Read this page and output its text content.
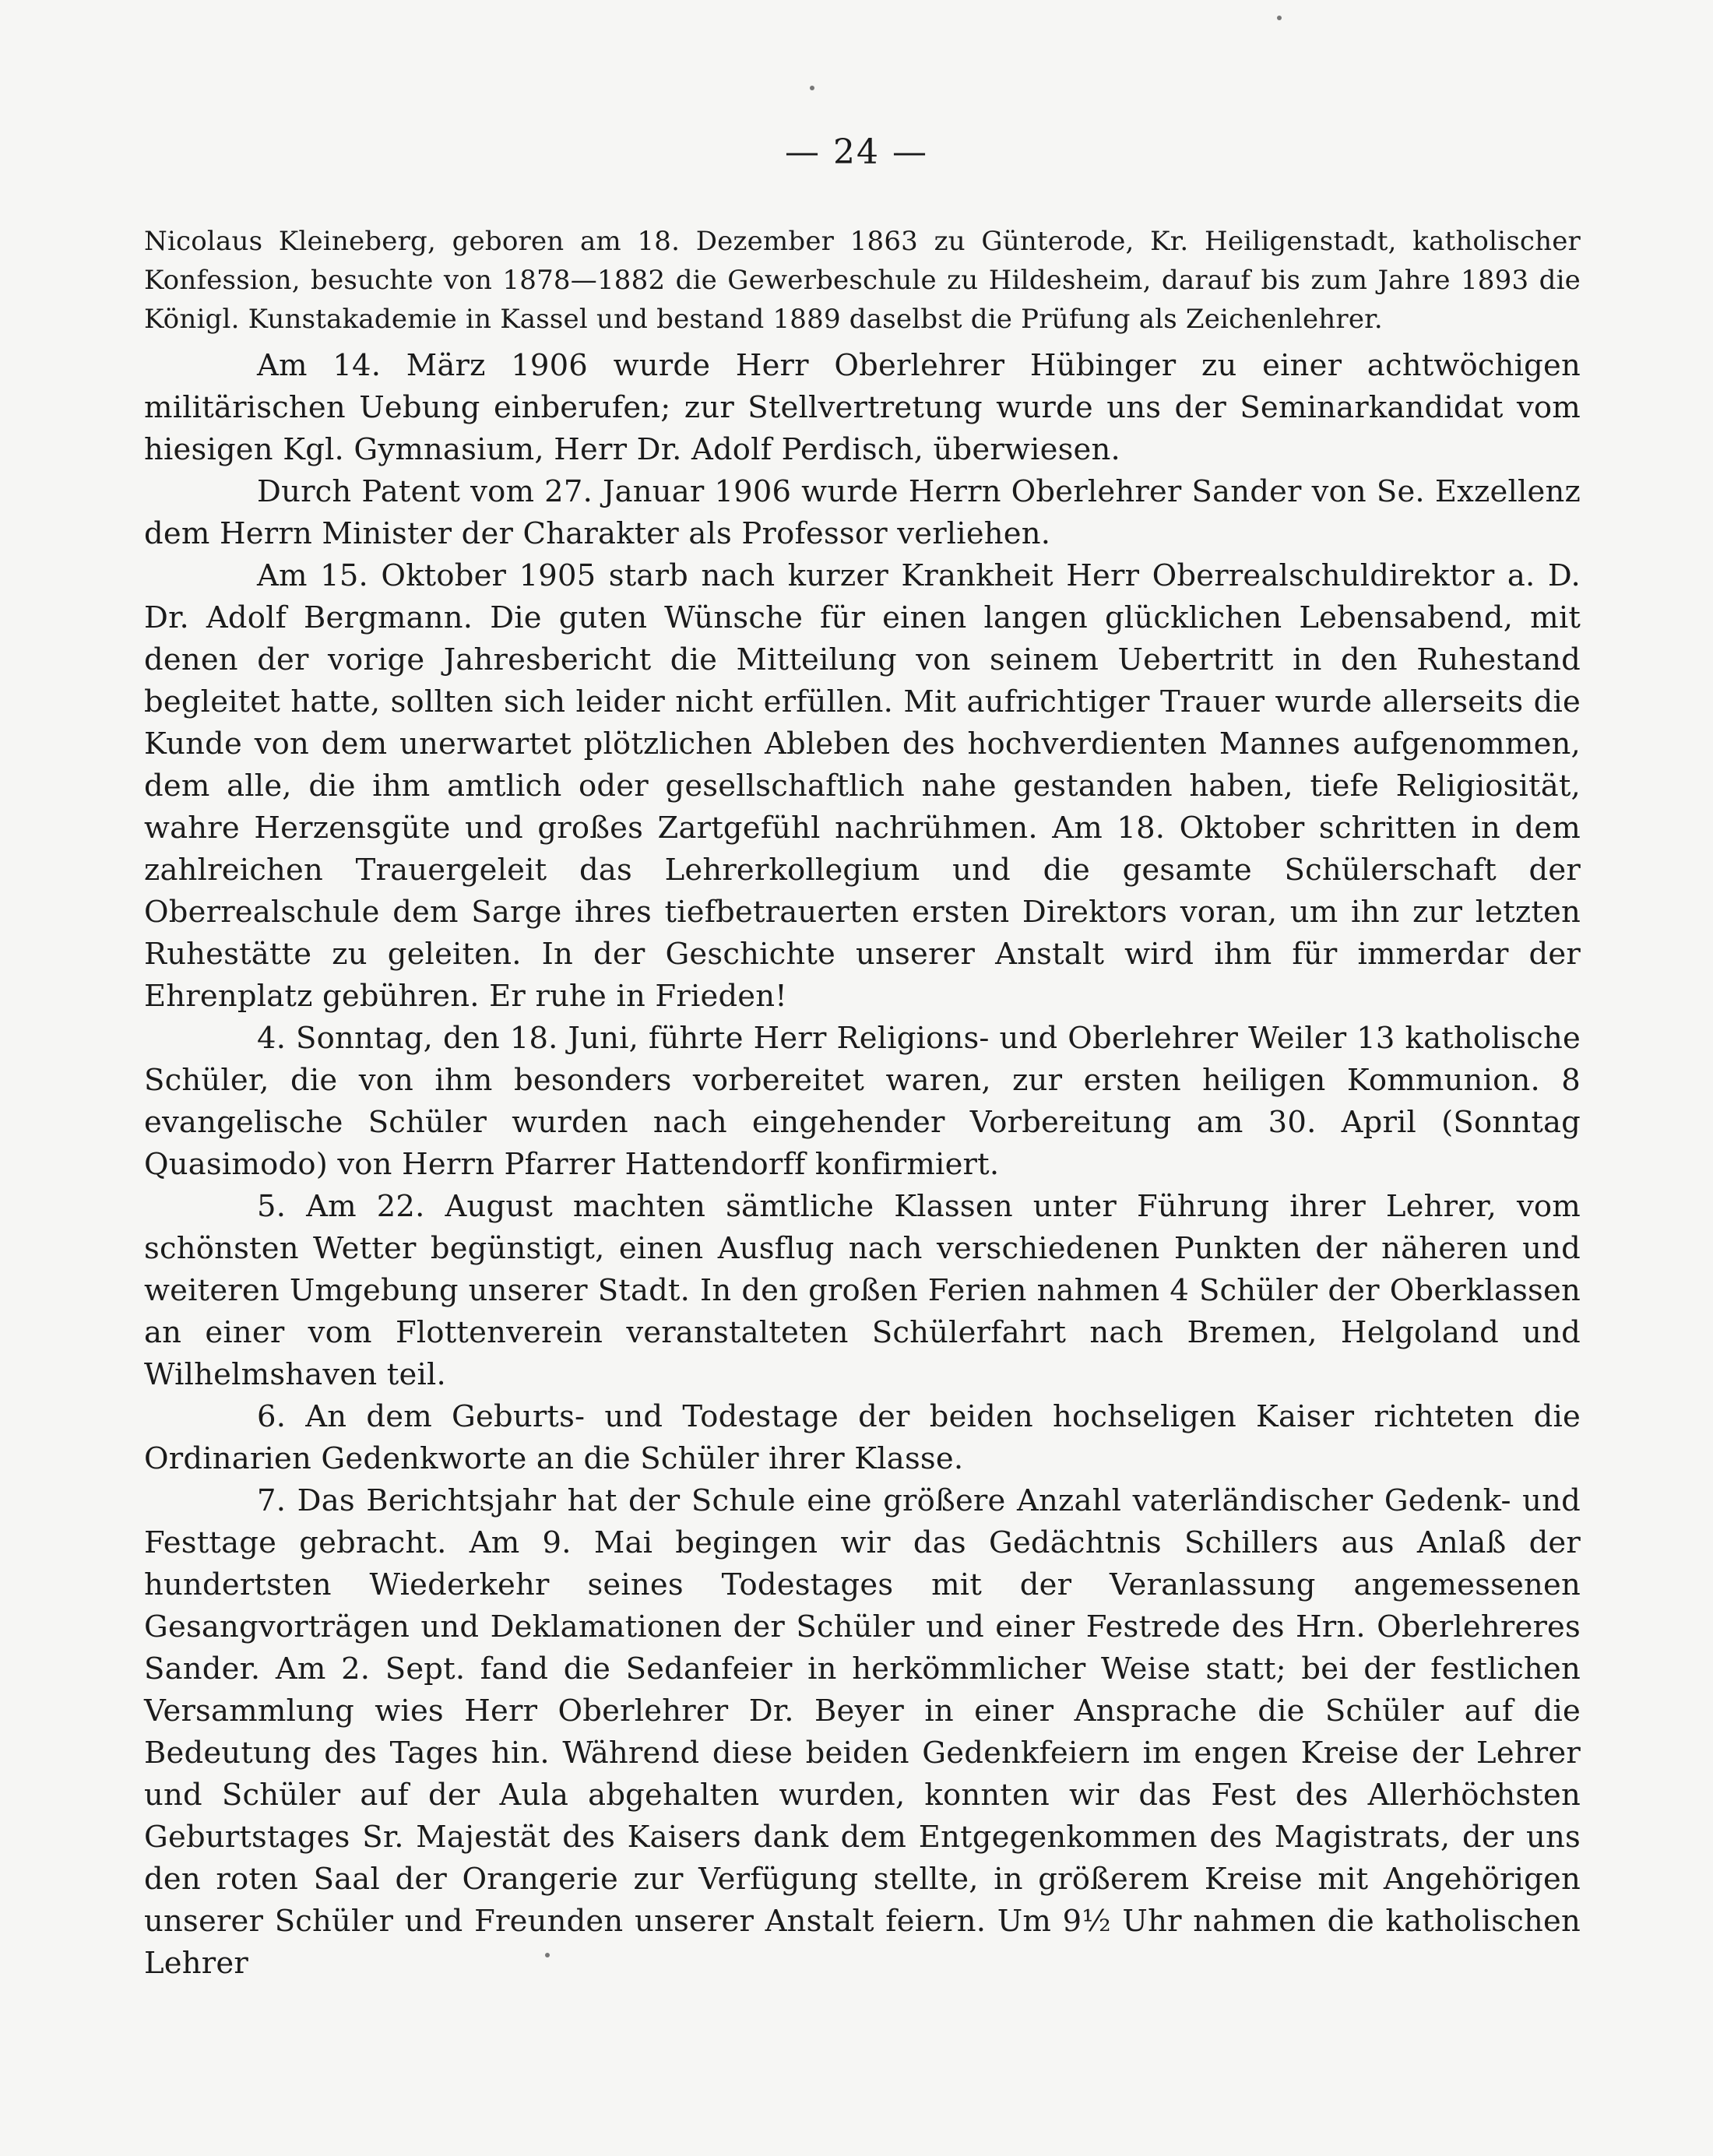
— 24 —

Nicolaus Kleineberg, geboren am 18. Dezember 1863 zu Günterode, Kr. Heiligenstadt, katholischer Konfession, besuchte von 1878—1882 die Gewerbeschule zu Hildesheim, darauf bis zum Jahre 1893 die Königl. Kunstakademie in Kassel und bestand 1889 daselbst die Prüfung als Zeichenlehrer.

Am 14. März 1906 wurde Herr Oberlehrer Hübinger zu einer achtwöchigen militärischen Uebung einberufen; zur Stellvertretung wurde uns der Seminarkandidat vom hiesigen Kgl. Gymnasium, Herr Dr. Adolf Perdisch, überwiesen.

Durch Patent vom 27. Januar 1906 wurde Herrn Oberlehrer Sander von Se. Exzellenz dem Herrn Minister der Charakter als Professor verliehen.

Am 15. Oktober 1905 starb nach kurzer Krankheit Herr Oberrealschuldirektor a. D. Dr. Adolf Bergmann. Die guten Wünsche für einen langen glücklichen Lebensabend, mit denen der vorige Jahresbericht die Mitteilung von seinem Uebertritt in den Ruhestand begleitet hatte, sollten sich leider nicht erfüllen. Mit aufrichtiger Trauer wurde allerseits die Kunde von dem unerwartet plötzlichen Ableben des hochverdienten Mannes aufgenommen, dem alle, die ihm amtlich oder gesellschaftlich nahe gestanden haben, tiefe Religiosität, wahre Herzensgüte und großes Zartgefühl nachrühmen. Am 18. Oktober schritten in dem zahlreichen Trauergeleit das Lehrerkollegium und die gesamte Schülerschaft der Oberrealschule dem Sarge ihres tiefbetrauerten ersten Direktors voran, um ihn zur letzten Ruhestätte zu geleiten. In der Geschichte unserer Anstalt wird ihm für immerdar der Ehrenplatz gebühren. Er ruhe in Frieden!

4. Sonntag, den 18. Juni, führte Herr Religions- und Oberlehrer Weiler 13 katholische Schüler, die von ihm besonders vorbereitet waren, zur ersten heiligen Kommunion. 8 evangelische Schüler wurden nach eingehender Vorbereitung am 30. April (Sonntag Quasimodo) von Herrn Pfarrer Hattendorff konfirmiert.

5. Am 22. August machten sämtliche Klassen unter Führung ihrer Lehrer, vom schönsten Wetter begünstigt, einen Ausflug nach verschiedenen Punkten der näheren und weiteren Umgebung unserer Stadt. In den großen Ferien nahmen 4 Schüler der Oberklassen an einer vom Flottenverein veranstalteten Schülerfahrt nach Bremen, Helgoland und Wilhelmshaven teil.

6. An dem Geburts- und Todestage der beiden hochseligen Kaiser richteten die Ordinarien Gedenkworte an die Schüler ihrer Klasse.

7. Das Berichtsjahr hat der Schule eine größere Anzahl vaterländischer Gedenk- und Festtage gebracht. Am 9. Mai begingen wir das Gedächtnis Schillers aus Anlaß der hundertsten Wiederkehr seines Todestages mit der Veranlassung angemessenen Gesangvorträgen und Deklamationen der Schüler und einer Festrede des Hrn. Oberlehreres Sander. Am 2. Sept. fand die Sedanfeier in herkömmlicher Weise statt; bei der festlichen Versammlung wies Herr Oberlehrer Dr. Beyer in einer Ansprache die Schüler auf die Bedeutung des Tages hin. Während diese beiden Gedenkfeiern im engen Kreise der Lehrer und Schüler auf der Aula abgehalten wurden, konnten wir das Fest des Allerhöchsten Geburtstages Sr. Majestät des Kaisers dank dem Entgegenkommen des Magistrats, der uns den roten Saal der Orangerie zur Verfügung stellte, in größerem Kreise mit Angehörigen unserer Schüler und Freunden unserer Anstalt feiern. Um 9½ Uhr nahmen die katholischen Lehrer
